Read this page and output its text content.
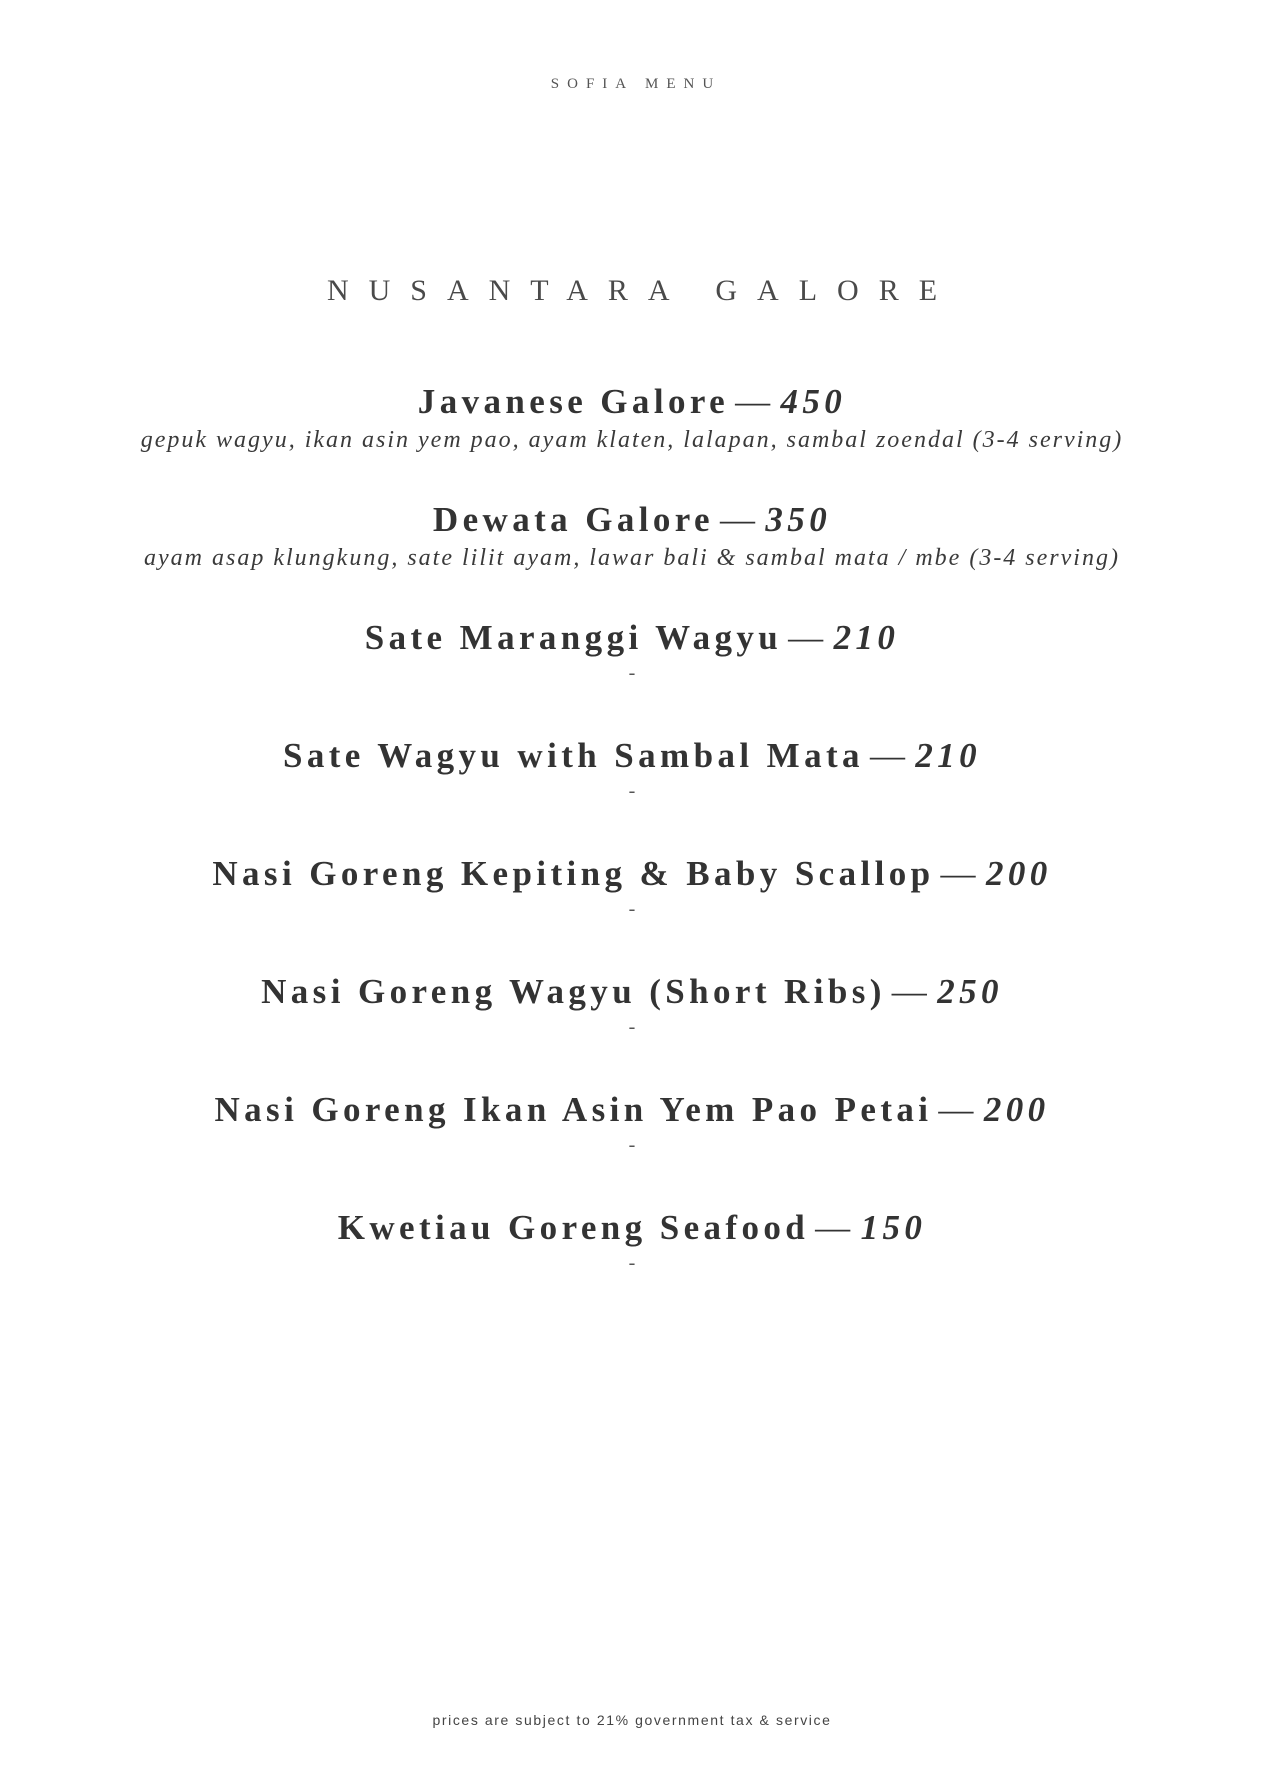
SOFIA MENU
NUSANTARA GALORE
Javanese Galore — 450
gepuk wagyu, ikan asin yem pao, ayam klaten, lalapan, sambal zoendal (3-4 serving)
Dewata Galore — 350
ayam asap klungkung, sate lilit ayam, lawar bali & sambal mata / mbe (3-4 serving)
Sate Maranggi Wagyu — 210
-
Sate Wagyu with Sambal Mata — 210
-
Nasi Goreng Kepiting & Baby Scallop — 200
-
Nasi Goreng Wagyu (Short Ribs) — 250
-
Nasi Goreng Ikan Asin Yem Pao Petai — 200
-
Kwetiau Goreng Seafood — 150
-
prices are subject to 21% government tax & service
